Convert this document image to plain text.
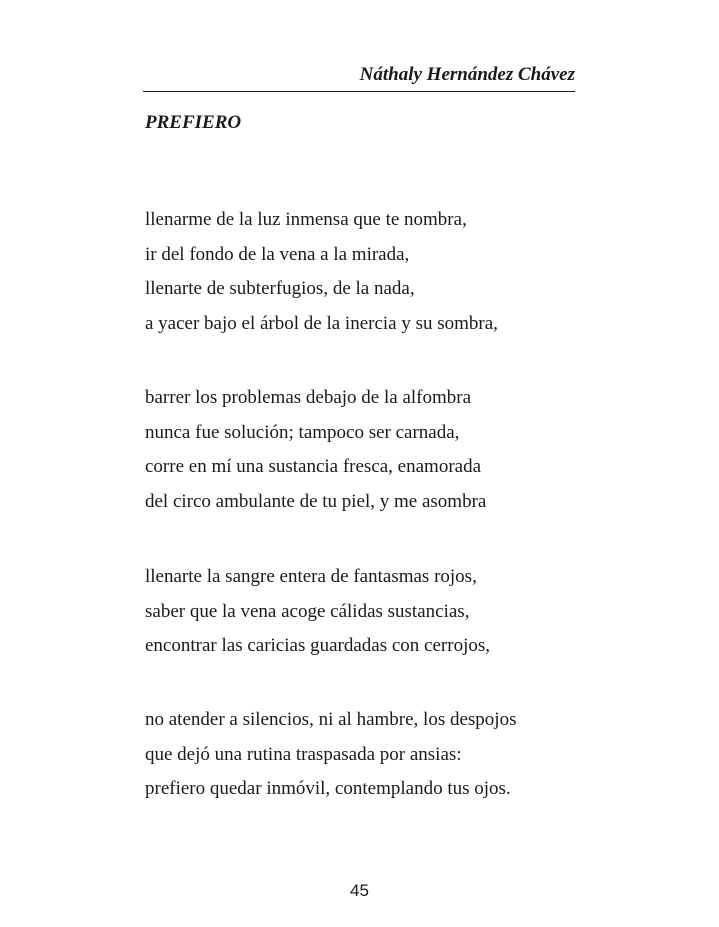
Náthaly Hernández Chávez
PREFIERO
llenarme de la luz inmensa que te nombra,
ir del fondo de la vena a la mirada,
llenarte de subterfugios, de la nada,
a yacer bajo el árbol de la inercia y su sombra,
barrer los problemas debajo de la alfombra
nunca fue solución; tampoco ser carnada,
corre en mí una sustancia fresca, enamorada
del circo ambulante de tu piel, y me asombra
llenarte la sangre entera de fantasmas rojos,
saber que la vena acoge cálidas sustancias,
encontrar las caricias guardadas con cerrojos,
no atender a silencios, ni al hambre, los despojos
que dejó una rutina traspasada por ansias:
prefiero quedar inmóvil, contemplando tus ojos.
45
